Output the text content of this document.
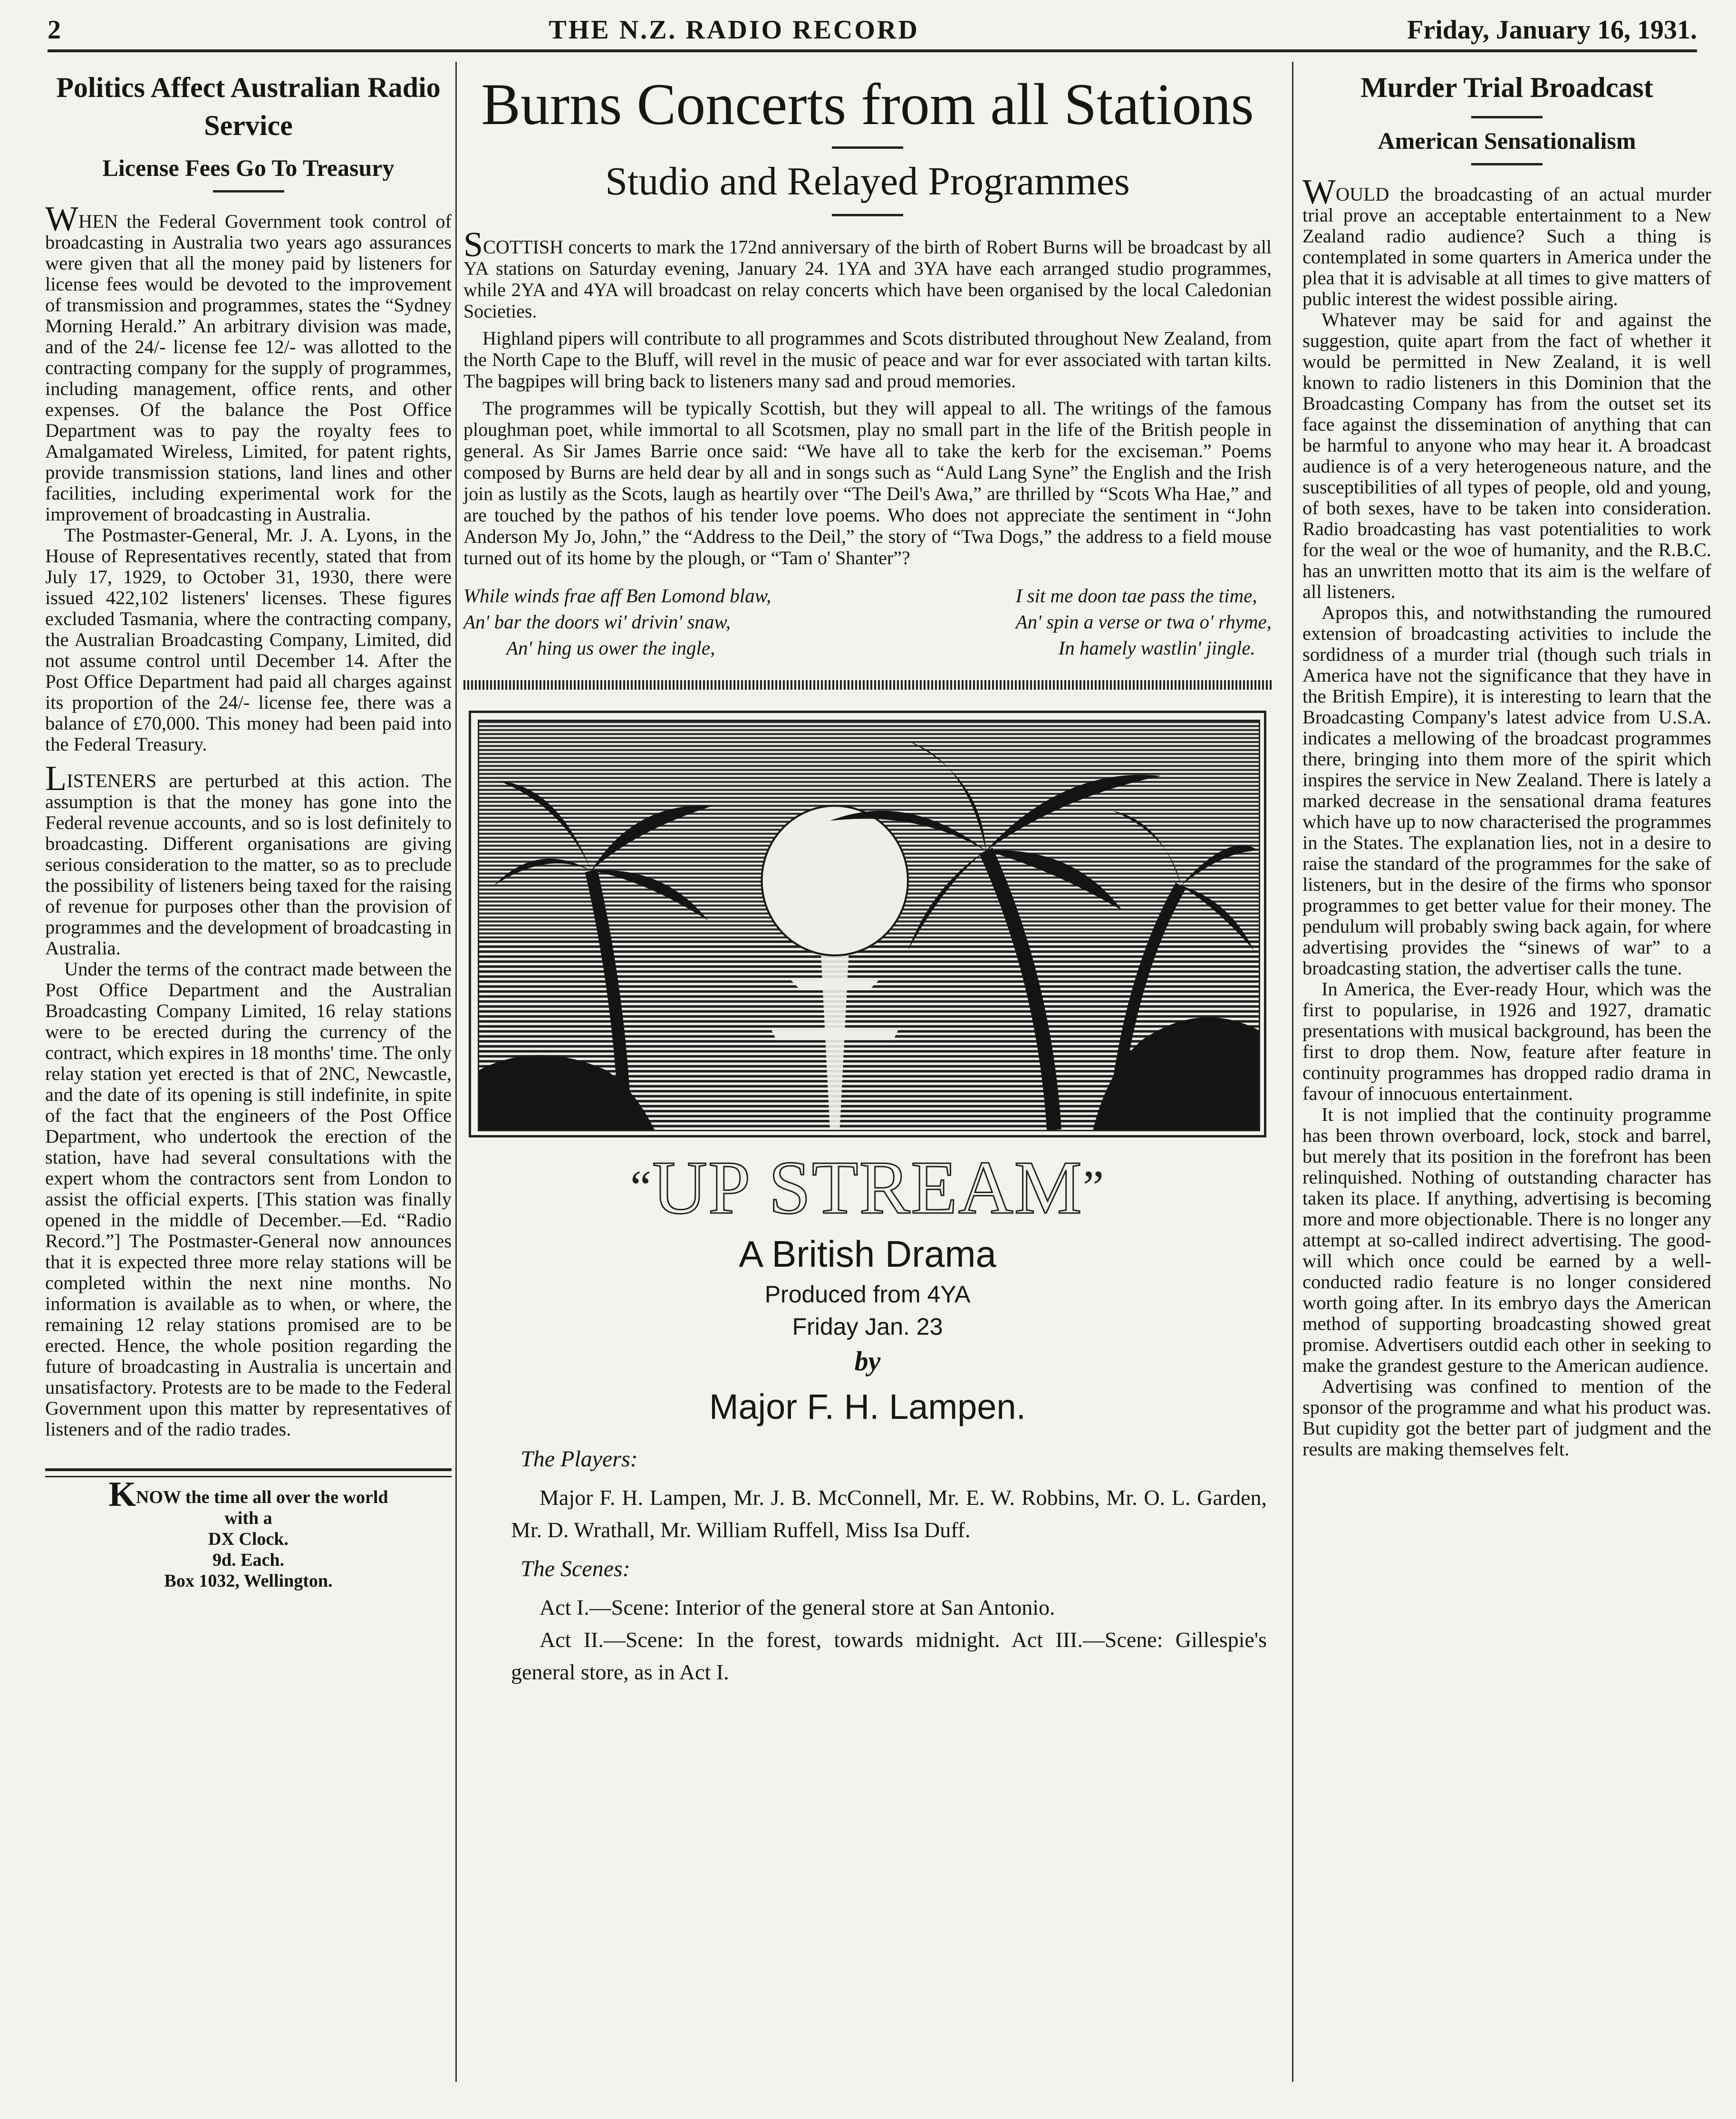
2	THE N.Z. RADIO RECORD	Friday, January 16, 1931.
Politics Affect Australian Radio Service
License Fees Go To Treasury

WHEN the Federal Government took control of broadcasting in Australia two years ago assurances were given that all the money paid by listeners for license fees would be devoted to the improvement of transmission and programmes, states the “Sydney Morning Herald.” An arbitrary division was made, and of the 24/- license fee 12/- was allotted to the contracting company for the supply of programmes, including management, office rents, and other expenses. Of the balance the Post Office Department was to pay the royalty fees to Amalgamated Wireless, Limited, for patent rights, provide transmission stations, land lines and other facilities, including experimental work for the improvement of broadcasting in Australia.

The Postmaster-General, Mr. J. A. Lyons, in the House of Representatives recently, stated that from July 17, 1929, to October 31, 1930, there were issued 422,102 listeners' licenses. These figures excluded Tasmania, where the contracting company, the Australian Broadcasting Company, Limited, did not assume control until December 14. After the Post Office Department had paid all charges against its proportion of the 24/- license fee, there was a balance of £70,000. This money had been paid into the Federal Treasury.

LISTENERS are perturbed at this action. The assumption is that the money has gone into the Federal revenue accounts, and so is lost definitely to broadcasting. Different organisations are giving serious consideration to the matter, so as to preclude the possibility of listeners being taxed for the raising of revenue for purposes other than the provision of programmes and the development of broadcasting in Australia.

Under the terms of the contract made between the Post Office Department and the Australian Broadcasting Company Limited, 16 relay stations were to be erected during the currency of the contract, which expires in 18 months' time. The only relay station yet erected is that of 2NC, Newcastle, and the date of its opening is still indefinite, in spite of the fact that the engineers of the Post Office Department, who undertook the erection of the station, have had several consultations with the expert whom the contractors sent from London to assist the official experts. [This station was finally opened in the middle of December.—Ed. “Radio Record.”] The Postmaster-General now announces that it is expected three more relay stations will be completed within the next nine months. No information is available as to when, or where, the remaining 12 relay stations promised are to be erected. Hence, the whole position regarding the future of broadcasting in Australia is uncertain and unsatisfactory. Protests are to be made to the Federal Government upon this matter by representatives of listeners and of the radio trades.

KNOW the time all over the world

with a

DX Clock.

9d. Each.

Box 1032, Wellington.

Burns Concerts from all Stations
Studio and Relayed Programmes

SCOTTISH concerts to mark the 172nd anniversary of the birth of Robert Burns will be broadcast by all YA stations on Saturday evening, January 24. 1YA and 3YA have each arranged studio programmes, while 2YA and 4YA will broadcast on relay concerts which have been organised by the local Caledonian Societies.

Highland pipers will contribute to all programmes and Scots distributed throughout New Zealand, from the North Cape to the Bluff, will revel in the music of peace and war for ever associated with tartan kilts. The bagpipes will bring back to listeners many sad and proud memories.

The programmes will be typically Scottish, but they will appeal to all. The writings of the famous ploughman poet, while immortal to all Scotsmen, play no small part in the life of the British people in general. As Sir James Barrie once said: “We have all to take the kerb for the exciseman.” Poems composed by Burns are held dear by all and in songs such as “Auld Lang Syne” the English and the Irish join as lustily as the Scots, laugh as heartily over “The Deil's Awa,” are thrilled by “Scots Wha Hae,” and are touched by the pathos of his tender love poems. Who does not appreciate the sentiment in “John Anderson My Jo, John,” the “Address to the Deil,” the story of “Twa Dogs,” the address to a field mouse turned out of its home by the plough, or “Tam o' Shanter”?

While winds frae aff Ben Lomond blaw,

An' bar the doors wi' drivin' snaw,

An' hing us ower the ingle,

I sit me doon tae pass the time,

An' spin a verse or twa o' rhyme,

In hamely wastlin' jingle.

“UP STREAM”
A British Drama
Produced from 4YA
Friday Jan. 23
by
Major F. H. Lampen.
The Players:

Major F. H. Lampen, Mr. J. B. McConnell, Mr. E. W. Robbins, Mr. O. L. Garden, Mr. D. Wrathall, Mr. William Ruffell, Miss Isa Duff.

The Scenes:

Act I.—Scene: Interior of the general store at San Antonio.

Act II.—Scene: In the forest, towards midnight. Act III.—Scene: Gillespie's general store, as in Act I.

Murder Trial Broadcast
American Sensationalism

WOULD the broadcasting of an actual murder trial prove an acceptable entertainment to a New Zealand radio audience? Such a thing is contemplated in some quarters in America under the plea that it is advisable at all times to give matters of public interest the widest possible airing.

Whatever may be said for and against the suggestion, quite apart from the fact of whether it would be permitted in New Zealand, it is well known to radio listeners in this Dominion that the Broadcasting Company has from the outset set its face against the dissemination of anything that can be harmful to anyone who may hear it. A broadcast audience is of a very heterogeneous nature, and the susceptibilities of all types of people, old and young, of both sexes, have to be taken into consideration. Radio broadcasting has vast potentialities to work for the weal or the woe of humanity, and the R.B.C. has an unwritten motto that its aim is the welfare of all listeners.

Apropos this, and notwithstanding the rumoured extension of broadcasting activities to include the sordidness of a murder trial (though such trials in America have not the significance that they have in the British Empire), it is interesting to learn that the Broadcasting Company's latest advice from U.S.A. indicates a mellowing of the broadcast programmes there, bringing into them more of the spirit which inspires the service in New Zealand. There is lately a marked decrease in the sensational drama features which have up to now characterised the programmes in the States. The explanation lies, not in a desire to raise the standard of the programmes for the sake of listeners, but in the desire of the firms who sponsor programmes to get better value for their money. The pendulum will probably swing back again, for where advertising provides the “sinews of war” to a broadcasting station, the advertiser calls the tune.

In America, the Ever-ready Hour, which was the first to popularise, in 1926 and 1927, dramatic presentations with musical background, has been the first to drop them. Now, feature after feature in continuity programmes has dropped radio drama in favour of innocuous entertainment.

It is not implied that the continuity programme has been thrown overboard, lock, stock and barrel, but merely that its position in the forefront has been relinquished. Nothing of outstanding character has taken its place. If anything, advertising is becoming more and more objectionable. There is no longer any attempt at so-called indirect advertising. The good-will which once could be earned by a well-conducted radio feature is no longer considered worth going after. In its embryo days the American method of supporting broadcasting showed great promise. Advertisers outdid each other in seeking to make the grandest gesture to the American audience.

Advertising was confined to mention of the sponsor of the programme and what his product was. But cupidity got the better part of judgment and the results are making themselves felt.
